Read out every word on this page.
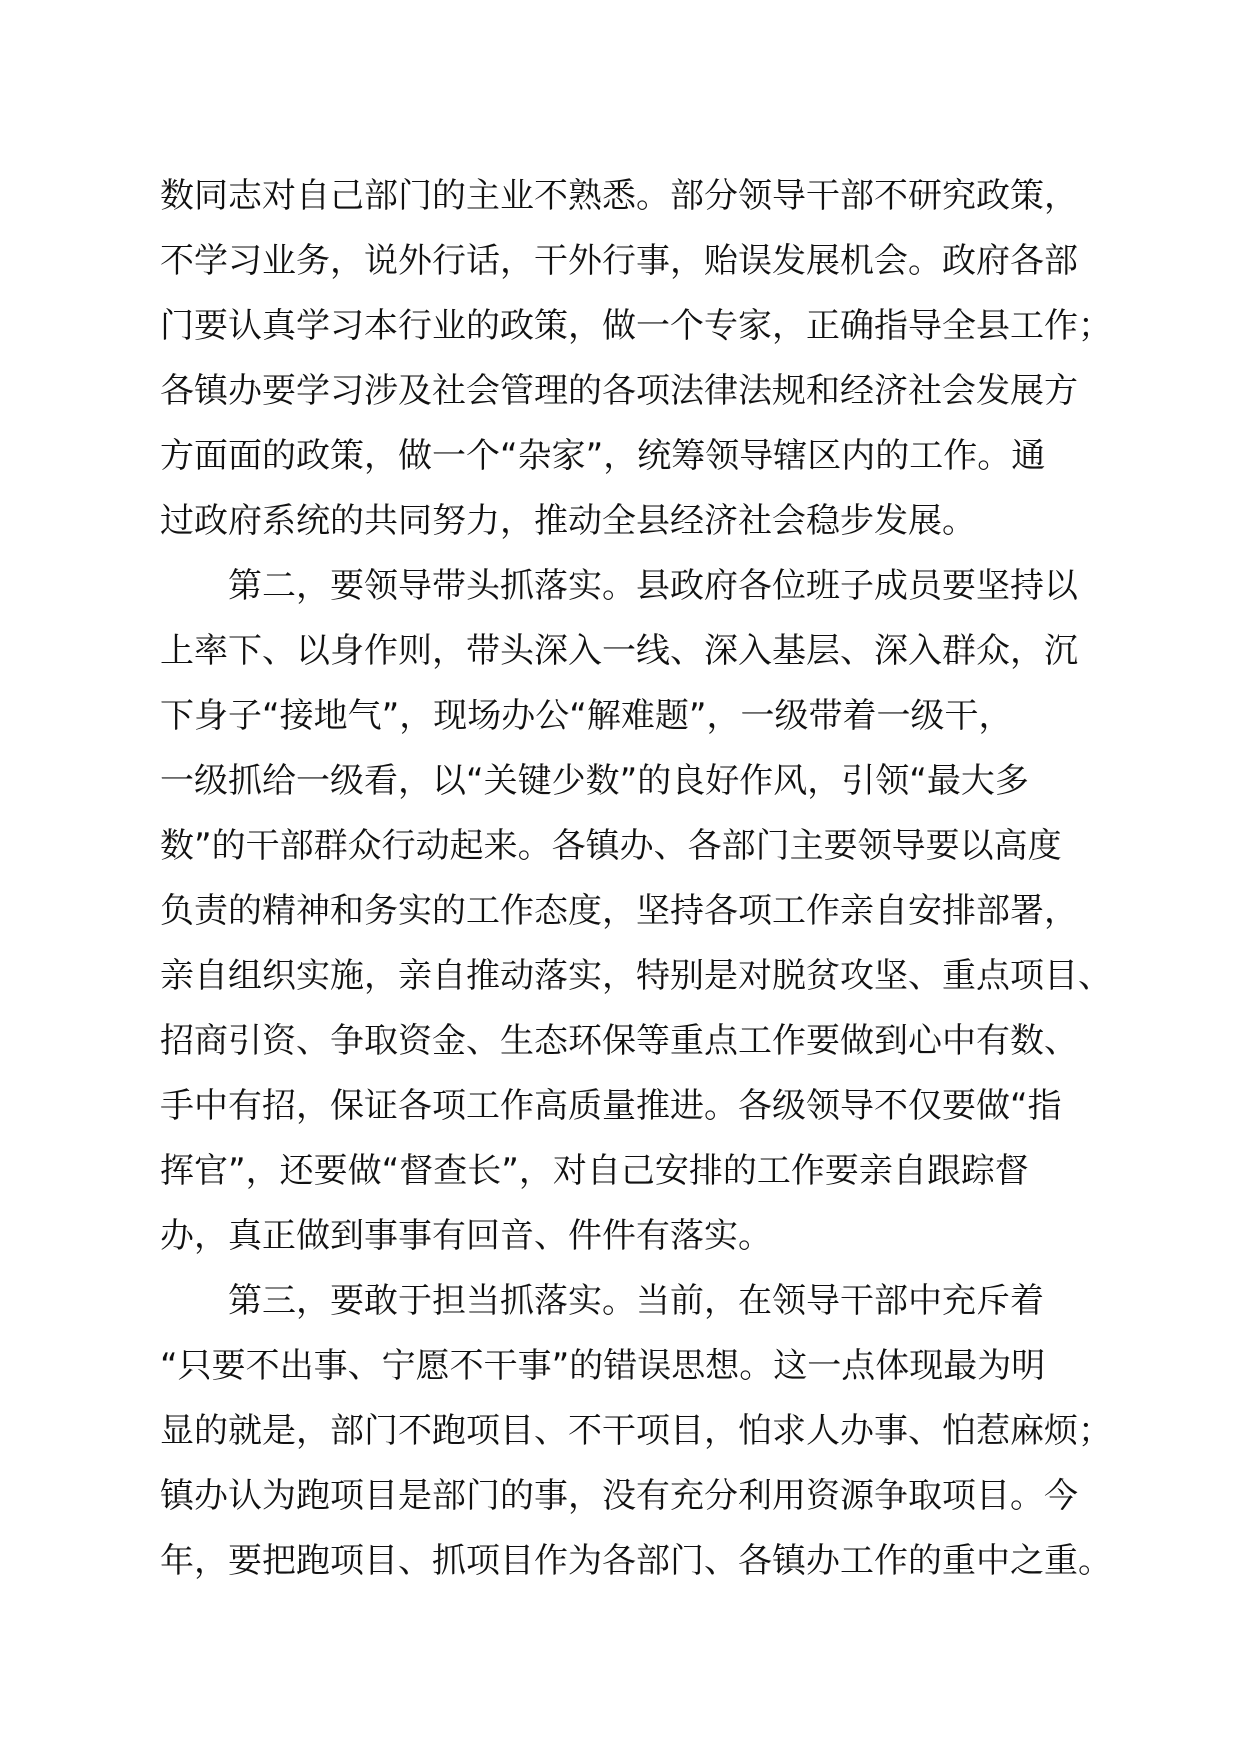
数同志对自己部门的主业不熟悉。部分领导干部不研究政策，
不学习业务，说外行话，干外行事，贻误发展机会。政府各部
门要认真学习本行业的政策，做一个专家，正确指导全县工作；
各镇办要学习涉及社会管理的各项法律法规和经济社会发展方
方面面的政策，做一个“杂家”，统筹领导辖区内的工作。通
过政府系统的共同努力，推动全县经济社会稳步发展。
　　第二，要领导带头抓落实。县政府各位班子成员要坚持以
上率下、以身作则，带头深入一线、深入基层、深入群众，沉
下身子“接地气”，现场办公“解难题”，一级带着一级干，
一级抓给一级看，以“关键少数”的良好作风，引领“最大多
数”的干部群众行动起来。各镇办、各部门主要领导要以高度
负责的精神和务实的工作态度，坚持各项工作亲自安排部署，
亲自组织实施，亲自推动落实，特别是对脱贫攻坚、重点项目、
招商引资、争取资金、生态环保等重点工作要做到心中有数、
手中有招，保证各项工作高质量推进。各级领导不仅要做“指
挥官”，还要做“督查长”，对自己安排的工作要亲自跟踪督
办，真正做到事事有回音、件件有落实。
　　第三，要敢于担当抓落实。当前，在领导干部中充斥着
“只要不出事、宁愿不干事”的错误思想。这一点体现最为明
显的就是，部门不跑项目、不干项目，怕求人办事、怕惹麻烦；
镇办认为跑项目是部门的事，没有充分利用资源争取项目。今
年，要把跑项目、抓项目作为各部门、各镇办工作的重中之重。
